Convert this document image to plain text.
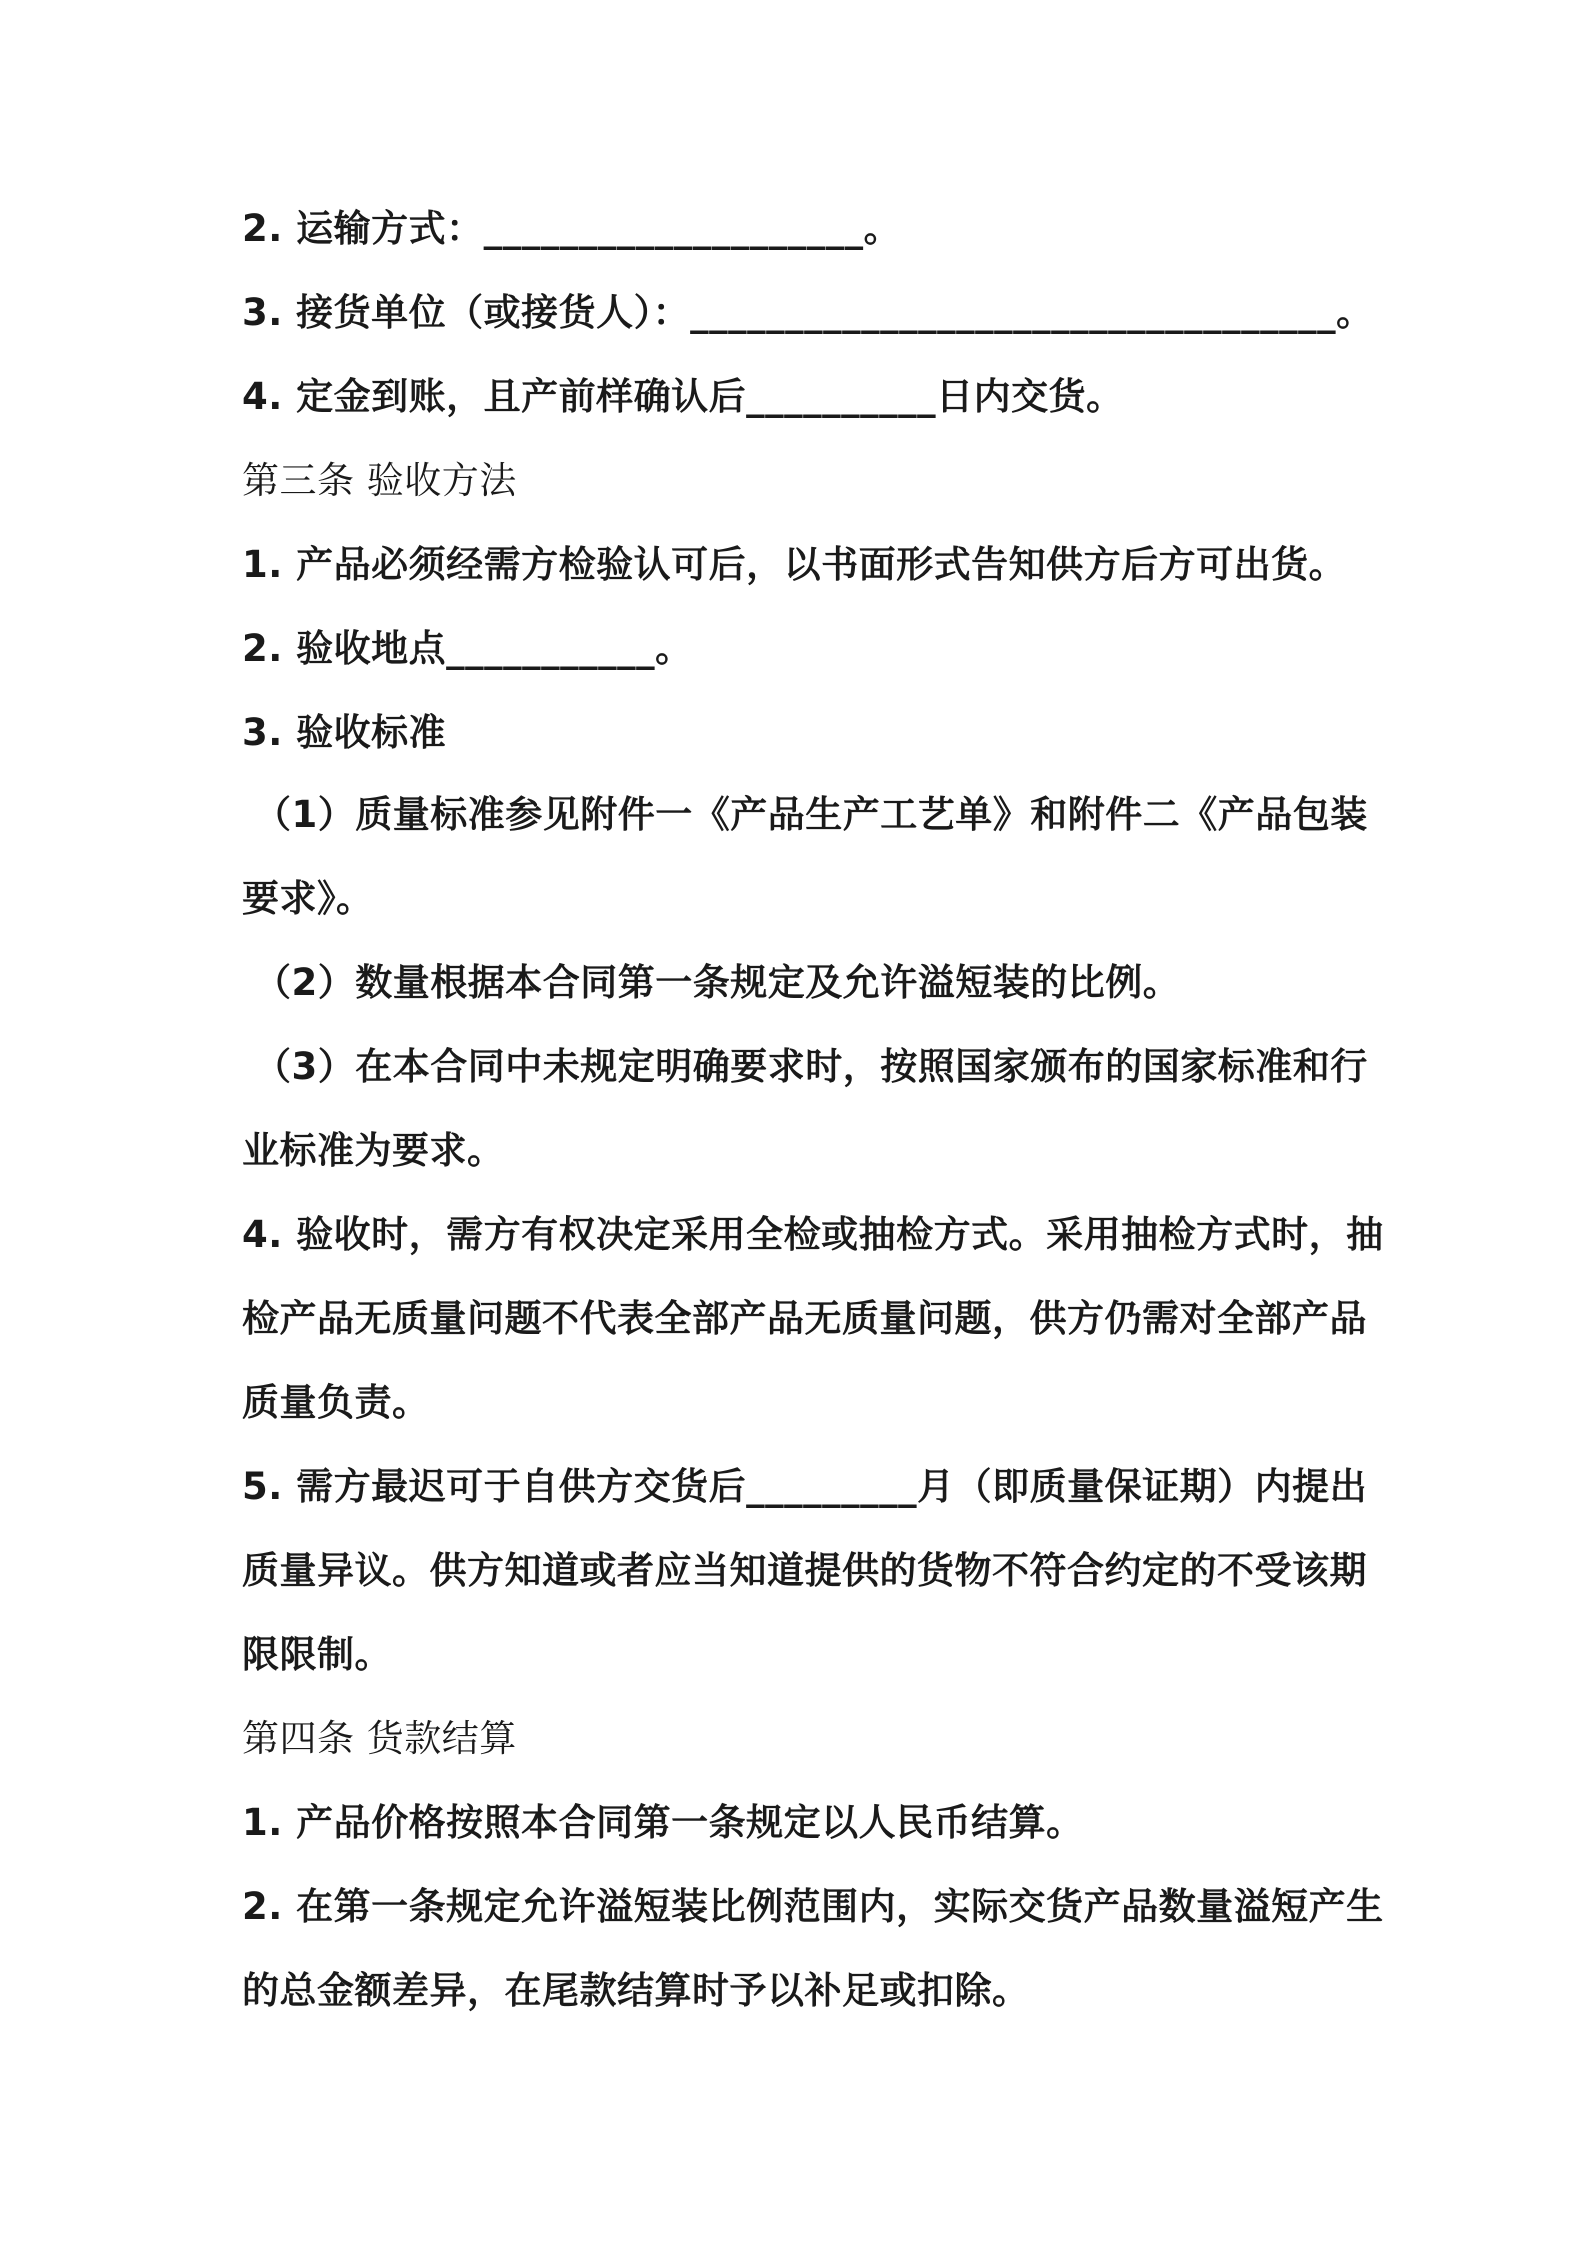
2. 运输方式：____________________。
3. 接货单位（或接货人）：__________________________________。
4. 定金到账，且产前样确认后__________日内交货。
第三条 验收方法
1. 产品必须经需方检验认可后，以书面形式告知供方后方可出货。
2. 验收地点___________。
3. 验收标准
（1）质量标准参见附件一《产品生产工艺单》和附件二《产品包装
要求》。
（2）数量根据本合同第一条规定及允许溢短装的比例。
（3）在本合同中未规定明确要求时，按照国家颁布的国家标准和行
业标准为要求。
4. 验收时，需方有权决定采用全检或抽检方式。采用抽检方式时，抽
检产品无质量问题不代表全部产品无质量问题，供方仍需对全部产品
质量负责。
5. 需方最迟可于自供方交货后_________月（即质量保证期）内提出
质量异议。供方知道或者应当知道提供的货物不符合约定的不受该期
限限制。
第四条 货款结算
1. 产品价格按照本合同第一条规定以人民币结算。
2. 在第一条规定允许溢短装比例范围内，实际交货产品数量溢短产生
的总金额差异，在尾款结算时予以补足或扣除。
